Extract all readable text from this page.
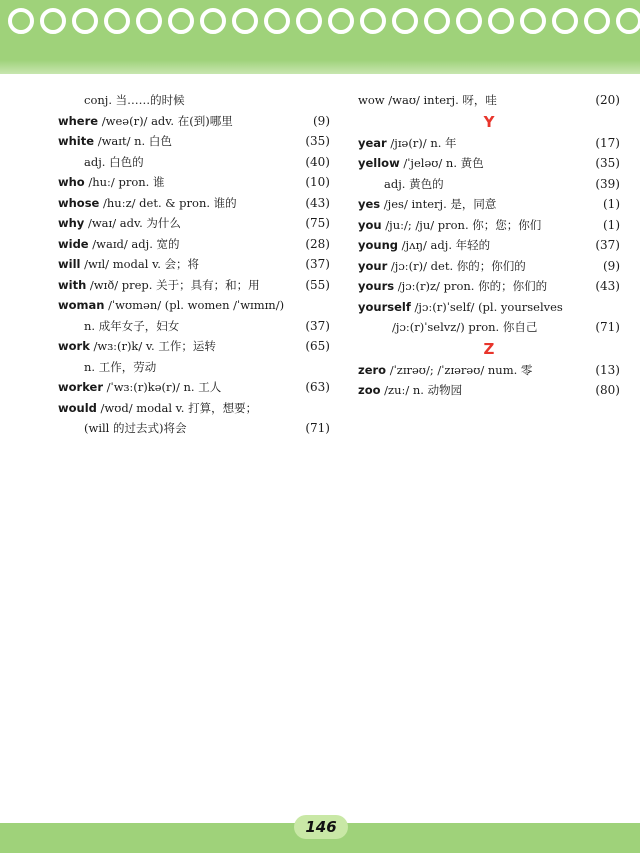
conj. 当……的时候
where /weə(r)/ adv. 在(到)哪里	(9)
white /waɪt/ n. 白色	(35)
adj. 白色的	(40)
who /huː/ pron. 谁	(10)
whose /huːz/ det. & pron. 谁的	(43)
why /waɪ/ adv. 为什么	(75)
wide /waɪd/ adj. 宽的	(28)
will /wɪl/ modal v. 会；将	(37)
with /wɪð/ prep. 关于；具有；和；用	(55)
woman /ˈwʊmən/ (pl. women /ˈwɪmɪn/)
n. 成年女子，妇女	(37)
work /wɜː(r)k/ v. 工作；运转	(65)
n. 工作，劳动
worker /ˈwɜː(r)kə(r)/ n. 工人	(63)
would /wʊd/ modal v. 打算，想要；
(will 的过去式)将会	(71)
wow /waʊ/ interj. 呀，哇	(20)
Y
year /jɪə(r)/ n. 年	(17)
yellow /ˈjeləʊ/ n. 黄色	(35)
adj. 黄色的	(39)
yes /jes/ interj. 是，同意	(1)
you /juː/; /ju/ pron. 你；您；你们	(1)
young /jʌŋ/ adj. 年轻的	(37)
your /jɔː(r)/ det. 你的；你们的	(9)
yours /jɔː(r)z/ pron. 你的；你们的	(43)
yourself /jɔː(r)ˈself/ (pl. yourselves
/jɔː(r)ˈselvz/) pron. 你自己	(71)
Z
zero /ˈzɪrəʊ/; /ˈzɪərəʊ/ num. 零	(13)
zoo /zuː/ n. 动物园	(80)
146
